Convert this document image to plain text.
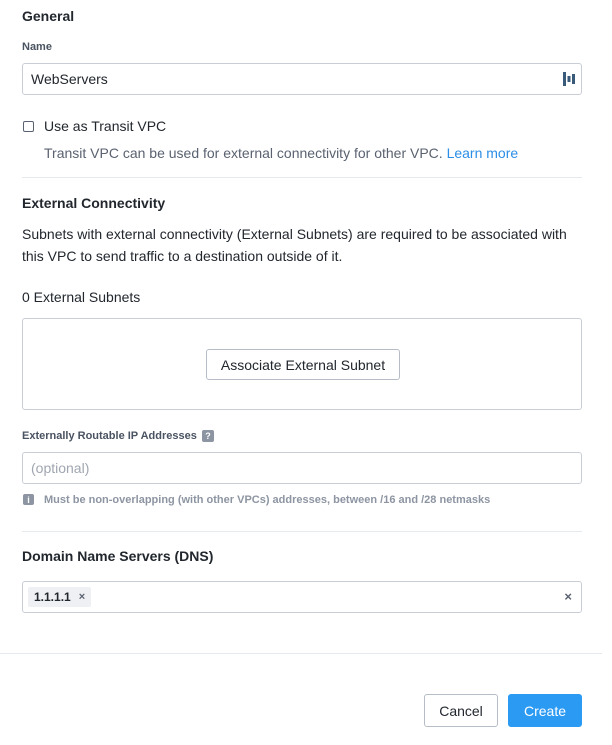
General
Name
WebServers
Use as Transit VPC
Transit VPC can be used for external connectivity for other VPC. Learn more
External Connectivity
Subnets with external connectivity (External Subnets) are required to be associated with
this VPC to send traffic to a destination outside of it.
0 External Subnets
Associate External Subnet
Externally Routable IP Addresses ?
(optional)
i	Must be non-overlapping (with other VPCs) addresses, between /16 and /28 netmasks
Domain Name Servers (DNS)
1.1.1.1 ×	×
Cancel	Create
